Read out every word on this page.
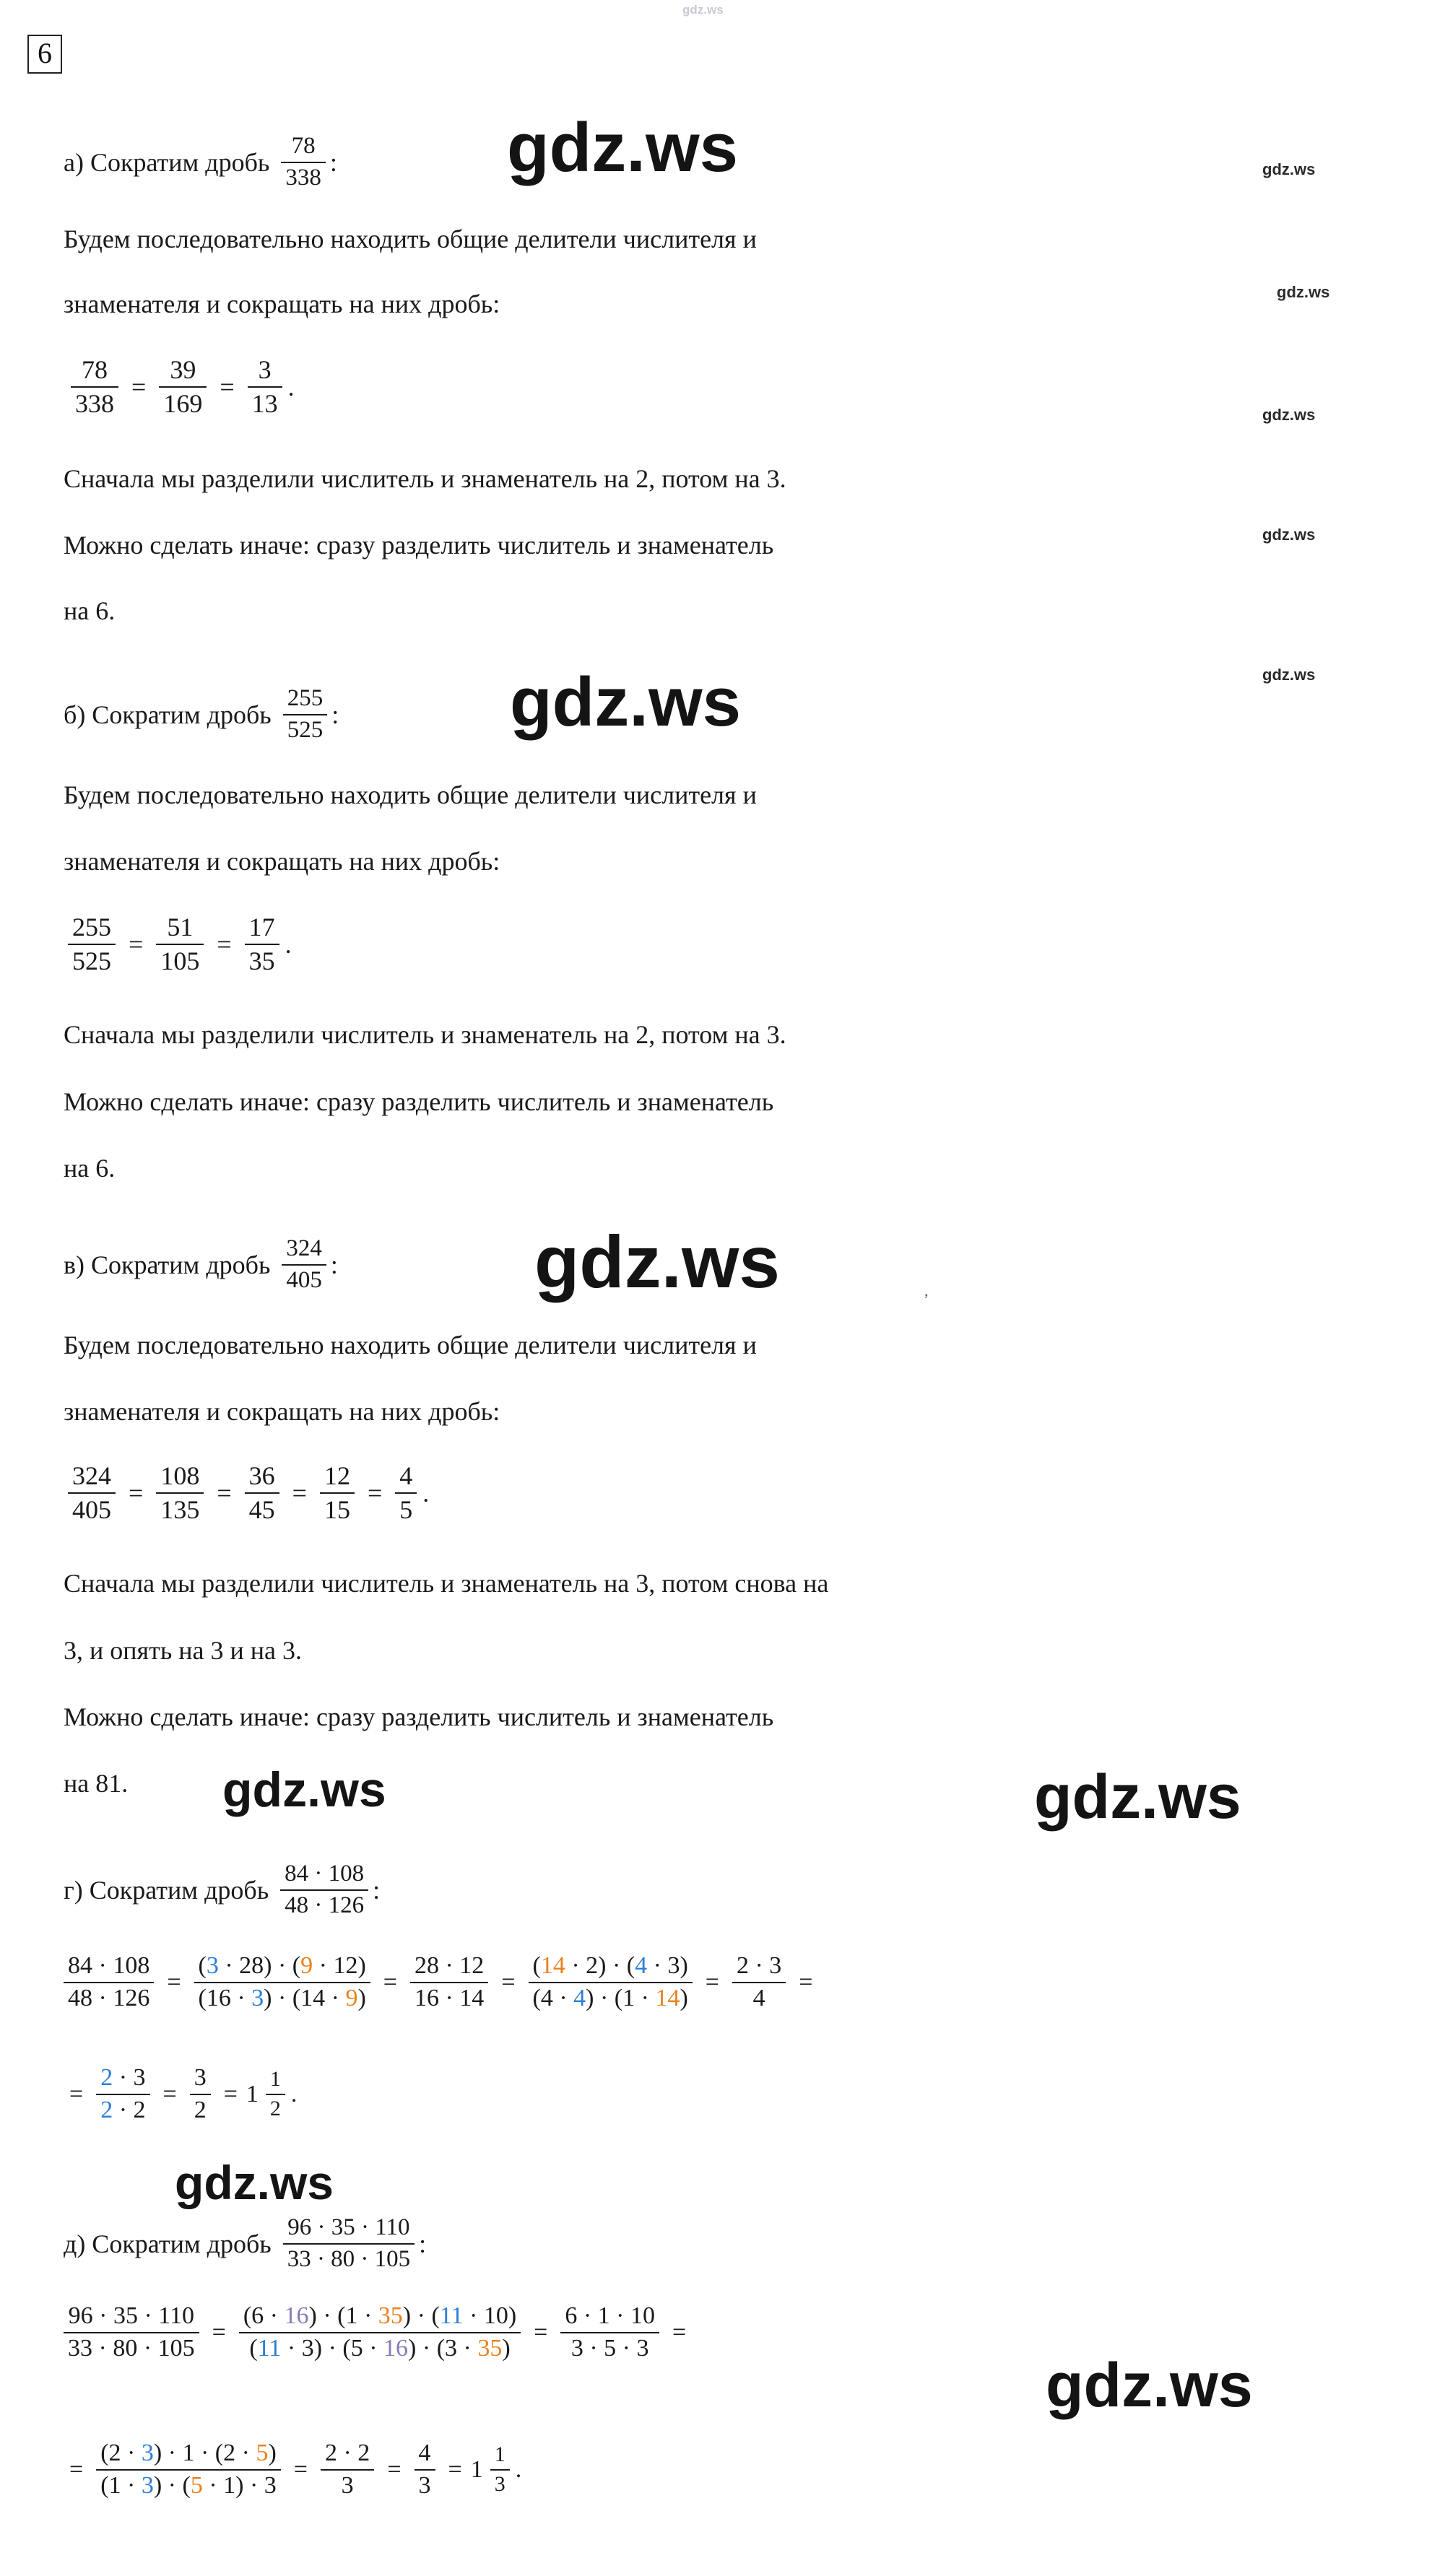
gdz.ws
6
а) Сократим дробь $\frac{78}{338}$ : gdz.ws	gdz.ws
gdz.ws
gdz.ws
gdz.ws
gdz.ws
Будем последовательно находить общие делители числителя и
знаменателя и сокращать на них дробь:
$\frac{78}{338} = \frac{39}{169} = \frac{3}{13}$ .
Сначала мы разделили числитель и знаменатель на 2, потом на 3.
Можно сделать иначе: сразу разделить числитель и знаменатель
на 6.
б) Сократим дробь $\frac{255}{525}$ : gdz.ws
Будем последовательно находить общие делители числителя и
знаменателя и сокращать на них дробь:
$\frac{255}{525} = \frac{51}{105} = \frac{17}{35}$ .
Сначала мы разделили числитель и знаменатель на 2, потом на 3.
Можно сделать иначе: сразу разделить числитель и знаменатель
на 6.
в) Сократим дробь $\frac{324}{405}$ :	gdz.ws	,
Будем последовательно находить общие делители числителя и
знаменателя и сокращать на них дробь:
$\frac{324}{405} = \frac{108}{135} = \frac{36}{45} = \frac{12}{15} = \frac{4}{5}$ .
Сначала мы разделили числитель и знаменатель на 3, потом снова на
3, и опять на 3 и на 3.
Можно сделать иначе: сразу разделить числитель и знаменатель
на 81. gdz.ws	gdz.ws
г) Сократим дробь $\frac{84 \cdot 108}{48 \cdot 126}$ :
$\frac{84 \cdot 108}{48 \cdot 126} = \frac{(3 \cdot 28) \cdot (9 \cdot 12)}{(16 \cdot 3) \cdot (14 \cdot 9)} = \frac{28 \cdot 12}{16 \cdot 14} = \frac{(14 \cdot 2) \cdot (4 \cdot 3)}{(4 \cdot 4) \cdot (1 \cdot 14)} = \frac{2 \cdot 3}{4}$ =
= $\frac{2 \cdot 3}{2 \cdot 2} = \frac{3}{2} = 1 \frac{1}{2}$ .
gdz.ws
д) Сократим дробь $\frac{96 \cdot 35 \cdot 110}{33 \cdot 80 \cdot 105}$ :
$\frac{96 \cdot 35 \cdot 110}{33 \cdot 80 \cdot 105} = \frac{(6 \cdot 16) \cdot (1 \cdot 35) \cdot (11 \cdot 10)}{(11 \cdot 3) \cdot (5 \cdot 16) \cdot (3 \cdot 35)} = \frac{6 \cdot 1 \cdot 10}{3 \cdot 5 \cdot 3}$ =
gdz.ws
= $\frac{(2 \cdot 3) \cdot 1 \cdot (2 \cdot 5)}{(1 \cdot 3) \cdot (5 \cdot 1) \cdot 3} = \frac{2 \cdot 2}{3} = \frac{4}{3} = 1 \frac{1}{3}$ .
